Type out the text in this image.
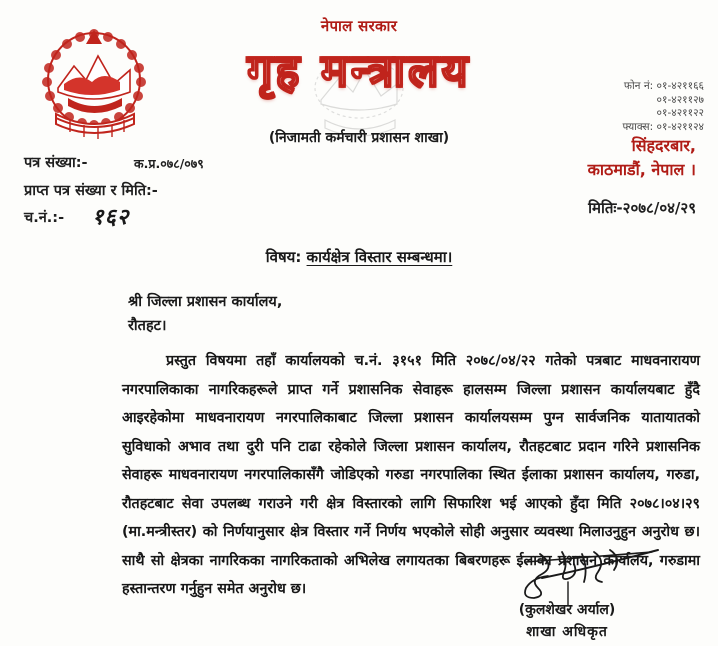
नेपाल सरकार
गृह मन्त्रालय
(निजामती कर्मचारी प्रशासन शाखा)
फोन नं: ०१-४२११६६
०१-४२११२७
०१-४२११२२
फ्याक्स: ०१-४२११२४
सिंहदरबार,
काठमाडौं, नेपाल ।
मितिः-२०७८/०४/२९
पत्र संख्या:-	क.प्र.०७८/०७९
प्राप्त पत्र संख्या र मिति:-
च.नं.:- १६२
विषय: कार्यक्षेत्र विस्तार सम्बन्धमा।
श्री जिल्ला प्रशासन कार्यालय,
रौतहट।

प्रस्तुत विषयमा तहाँ कार्यालयको च.नं. ३१५१ मिति २०७८/०४/२२ गतेको पत्रबाट माधवनारायण नगरपालिकाका नागरिकहरूले प्राप्त गर्ने प्रशासनिक सेवाहरू हालसम्म जिल्ला प्रशासन कार्यालयबाट हुँदै आइरहेकोमा माधवनारायण नगरपालिकाबाट जिल्ला प्रशासन कार्यालयसम्म पुग्न सार्वजनिक यातायातको सुविधाको अभाव तथा दुरी पनि टाढा रहेकोले जिल्ला प्रशासन कार्यालय, रौतहटबाट प्रदान गरिने प्रशासनिक सेवाहरू माधवनारायण नगरपालिकासँगै जोडिएको गरुडा नगरपालिका स्थित ईलाका प्रशासन कार्यालय, गरुडा, रौतहटबाट सेवा उपलब्ध गराउने गरी क्षेत्र विस्तारको लागि सिफारिश भई आएको हुँदा मिति २०७८।०४।२९ (मा.मन्त्रीस्तर) को निर्णयानुसार क्षेत्र विस्तार गर्ने निर्णय भएकोले सोही अनुसार व्यवस्था मिलाउनुहुन अनुरोध छ। साथै सो क्षेत्रका नागरिकका नागरिकताको अभिलेख लगायतका बिबरणहरू ईलाका प्रशासन कार्यालय, गरुडामा हस्तान्तरण गर्नुहुन समेत अनुरोध छ।

(कुलशेखर अर्याल)
शाखा अधिकृत
